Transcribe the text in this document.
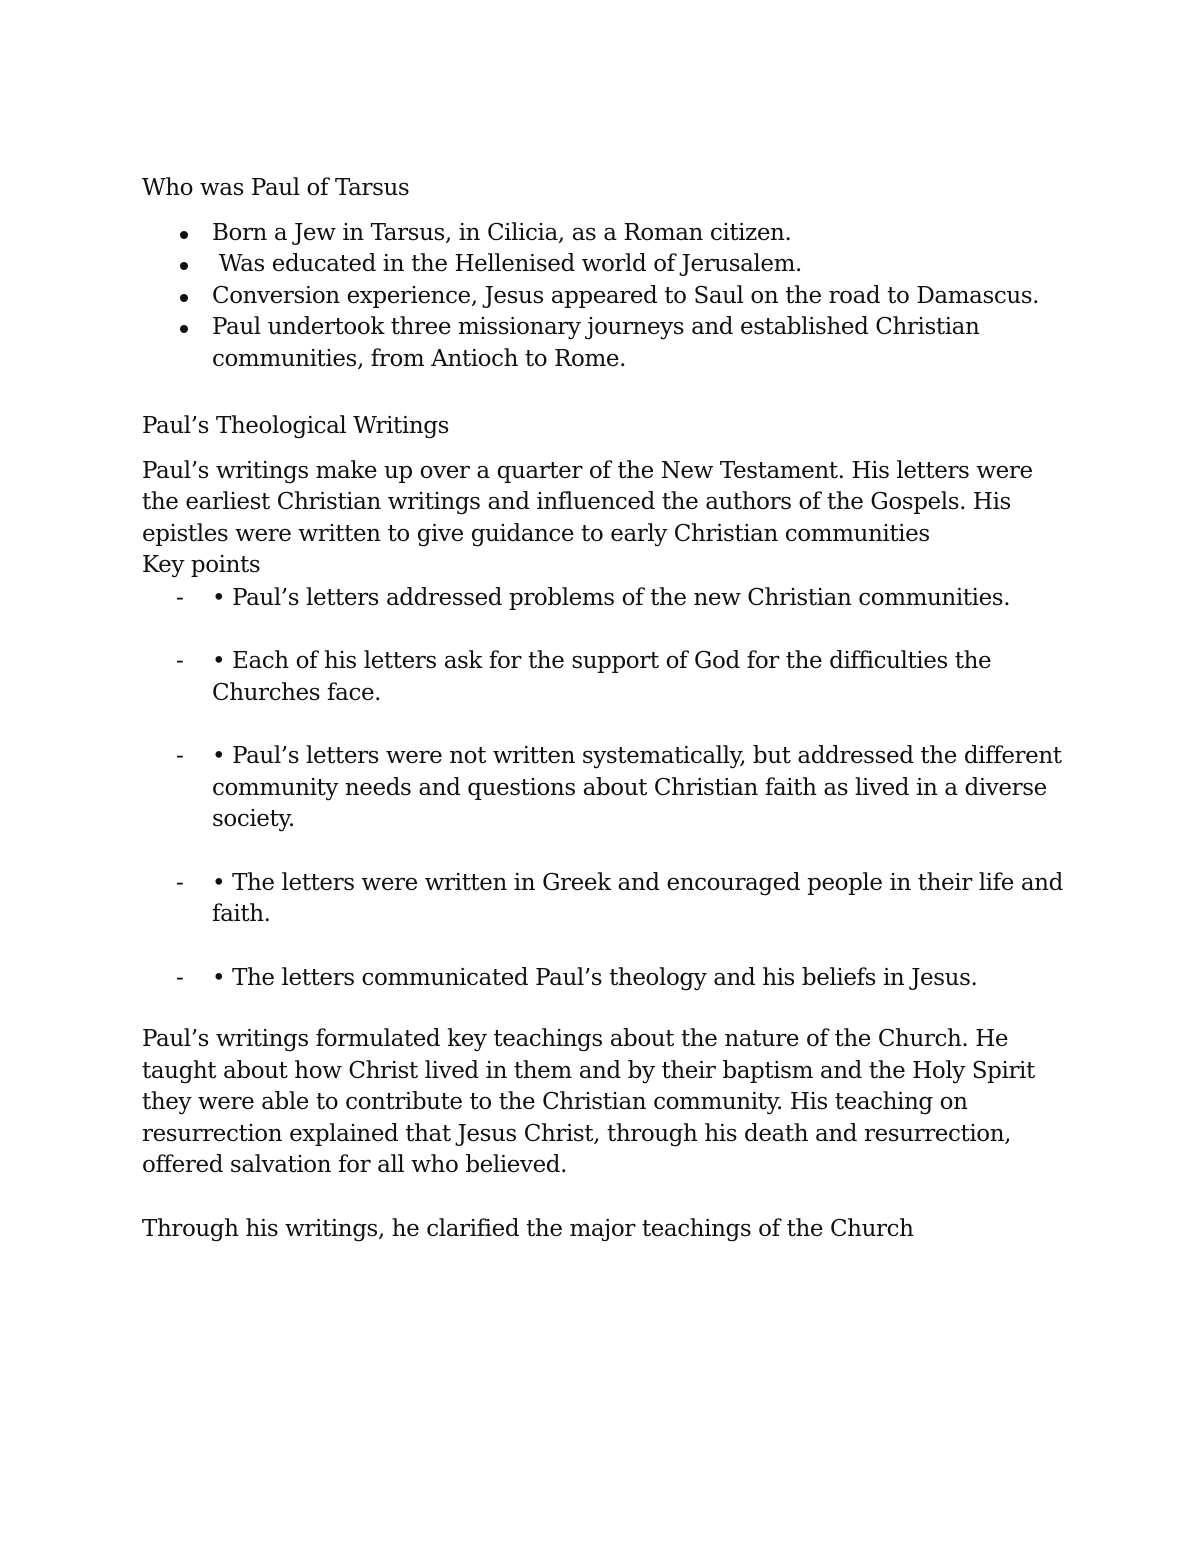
Who was Paul of Tarsus

Born a Jew in Tarsus, in Cilicia, as a Roman citizen.
Was educated in the Hellenised world of Jerusalem.
Conversion experience, Jesus appeared to Saul on the road to Damascus.
Paul undertook three missionary journeys and established Christian communities, from Antioch to Rome.

Paul’s Theological Writings

Paul’s writings make up over a quarter of the New Testament. His letters were the earliest Christian writings and influenced the authors of the Gospels. His epistles were written to give guidance to early Christian communities

Key points

- • Paul’s letters addressed problems of the new Christian communities.
- • Each of his letters ask for the support of God for the difficulties the Churches face.
- • Paul’s letters were not written systematically, but addressed the different community needs and questions about Christian faith as lived in a diverse society.
- • The letters were written in Greek and encouraged people in their life and faith.
- • The letters communicated Paul’s theology and his beliefs in Jesus.

Paul’s writings formulated key teachings about the nature of the Church. He taught about how Christ lived in them and by their baptism and the Holy Spirit they were able to contribute to the Christian community. His teaching on resurrection explained that Jesus Christ, through his death and resurrection, offered salvation for all who believed.

Through his writings, he clarified the major teachings of the Church
